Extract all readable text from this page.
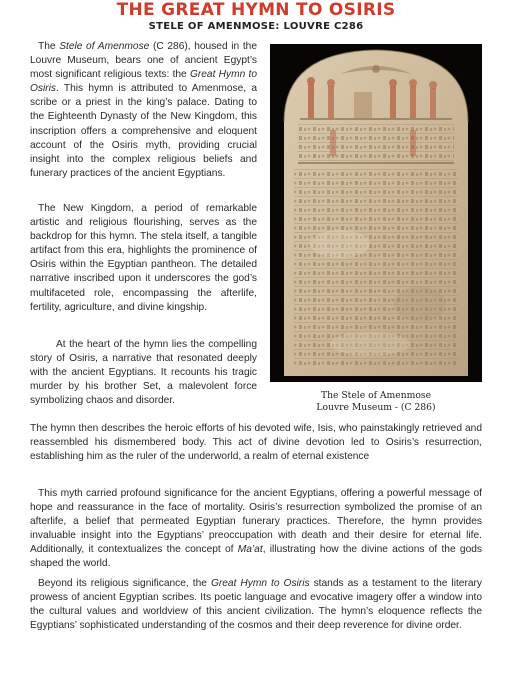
THE GREAT HYMN TO OSIRIS
STELE OF AMENMOSE: LOUVRE C286

The Stele of Amenmose (C 286), housed in the Louvre Museum, bears one of ancient Egypt’s most significant religious texts: the Great Hymn to Osiris. This hymn is attributed to Amenmose, a scribe or a priest in the king’s palace. Dating to the Eighteenth Dynasty of the New Kingdom, this inscription offers a comprehensive and eloquent account of the Osiris myth, providing crucial insight into the complex religious beliefs and funerary practices of the ancient Egyptians.

The New Kingdom, a period of remarkable artistic and religious flourishing, serves as the backdrop for this hymn. The stela itself, a tangible artifact from this era, highlights the prominence of Osiris within the Egyptian pantheon. The detailed narrative inscribed upon it underscores the god’s multifaceted role, encompassing the afterlife, fertility, agriculture, and divine kingship.

At the heart of the hymn lies the compelling story of Osiris, a narrative that resonated deeply with the ancient Egyptians. It recounts his tragic murder by his brother Set, a malevolent force symbolizing chaos and disorder.	The Stele of Amenmose
Louvre Museum - (C 286)

The hymn then describes the heroic efforts of his devoted wife, Isis, who painstakingly retrieved and reassembled his dismembered body. This act of divine devotion led to Osiris’s resurrection, establishing him as the ruler of the underworld, a realm of eternal existence

This myth carried profound significance for the ancient Egyptians, offering a powerful message of hope and reassurance in the face of mortality. Osiris’s resurrection symbolized the promise of an afterlife, a belief that permeated Egyptian funerary practices. Therefore, the hymn provides invaluable insight into the Egyptians’ preoccupation with death and their desire for eternal life. Additionally, it contextualizes the concept of Ma’at, illustrating how the divine actions of the gods shaped the world.

Beyond its religious significance, the Great Hymn to Osiris stands as a testament to the literary prowess of ancient Egyptian scribes. Its poetic language and evocative imagery offer a window into the cultural values and worldview of this ancient civilization. The hymn’s eloquence reflects the Egyptians’ sophisticated understanding of the cosmos and their deep reverence for divine order.
